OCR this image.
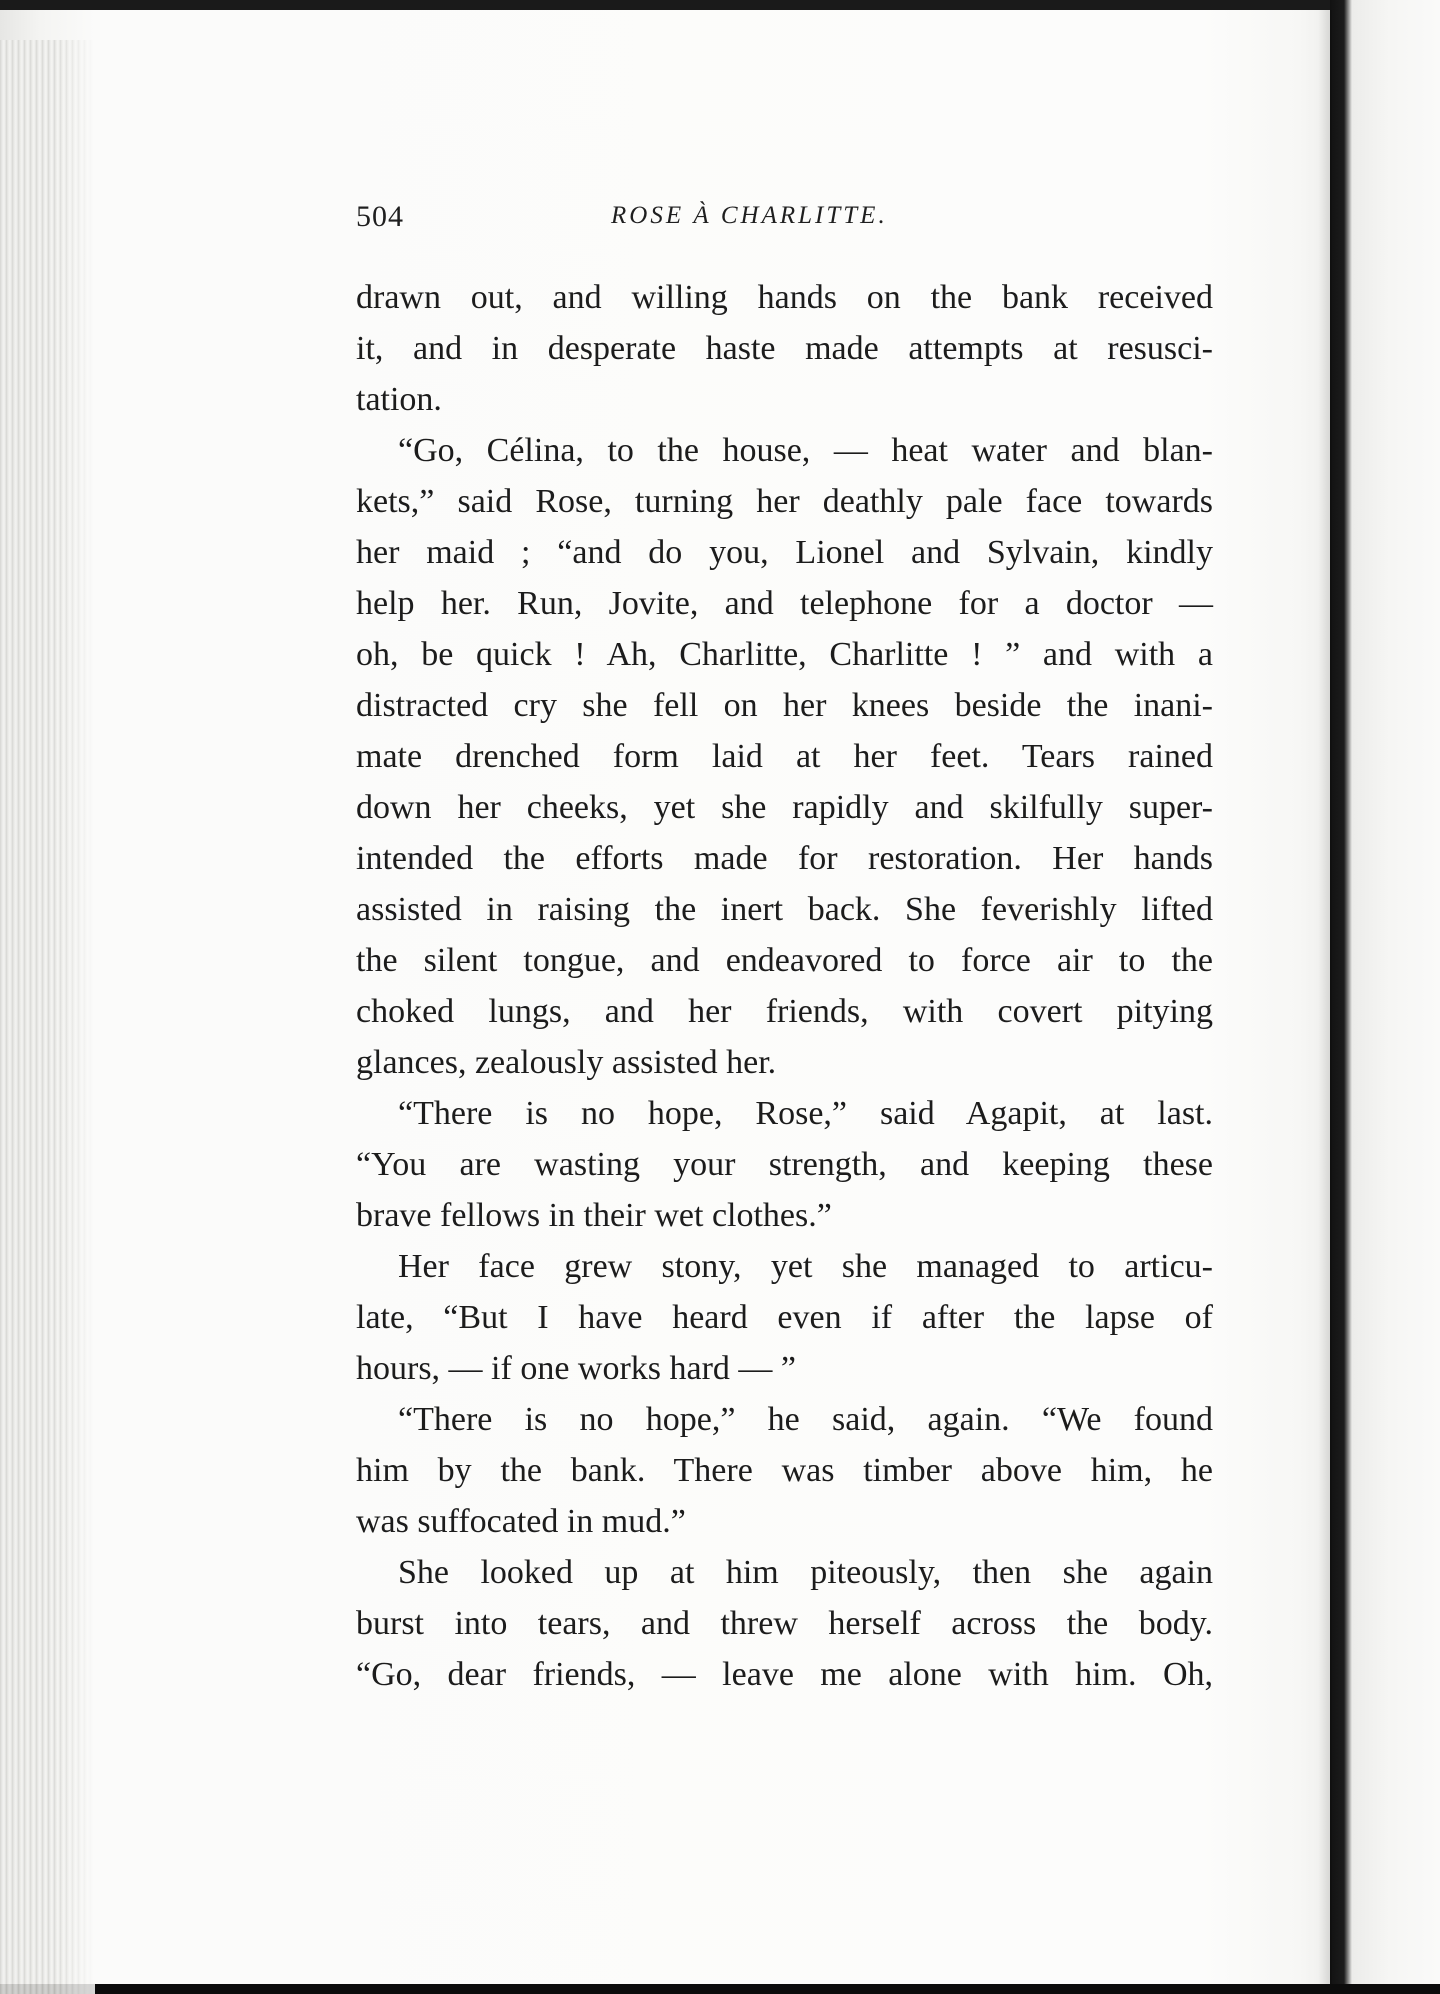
504	ROSE À CHARLITTE.
drawn out, and willing hands on the bank received
it, and in desperate haste made attempts at resusci-
tation.
“Go, Célina, to the house, — heat water and blan-
kets,” said Rose, turning her deathly pale face towards
her maid ; “and do you, Lionel and Sylvain, kindly
help her. Run, Jovite, and telephone for a doctor —
oh, be quick ! Ah, Charlitte, Charlitte ! ” and with a
distracted cry she fell on her knees beside the inani-
mate drenched form laid at her feet. Tears rained
down her cheeks, yet she rapidly and skilfully super-
intended the efforts made for restoration. Her hands
assisted in raising the inert back. She feverishly lifted
the silent tongue, and endeavored to force air to the
choked lungs, and her friends, with covert pitying
glances, zealously assisted her.
“There is no hope, Rose,” said Agapit, at last.
“You are wasting your strength, and keeping these
brave fellows in their wet clothes.”
Her face grew stony, yet she managed to articu-
late, “But I have heard even if after the lapse of
hours, — if one works hard — ”
“There is no hope,” he said, again. “We found
him by the bank. There was timber above him, he
was suffocated in mud.”
She looked up at him piteously, then she again
burst into tears, and threw herself across the body.
“Go, dear friends, — leave me alone with him. Oh,
